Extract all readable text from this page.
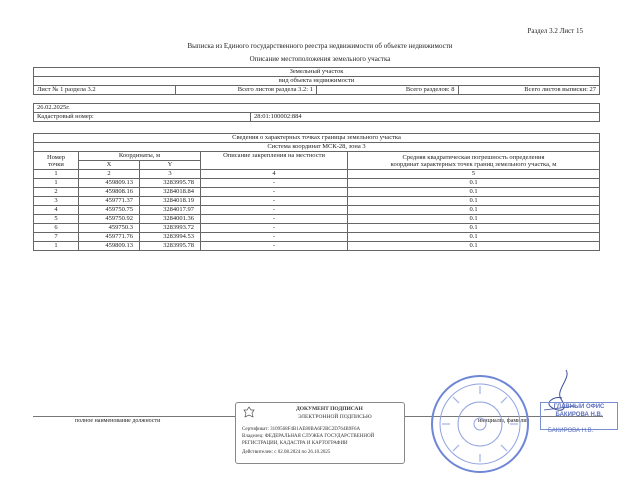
Раздел 3.2 Лист 15
Выписка из Единого государственного реестра недвижимости об объекте недвижимости
Описание местоположения земельного участка
Земельный участок
вид объекта недвижимости
Лист № 1 раздела 3.2	Всего листов раздела 3.2: 1	Всего разделов: 8	Всего листов выписки: 27
26.02.2025г.
Кадастровый номер:	28:01:100002:884
Сведения о характерных точках границы земельного участка				
Система координат МСК-28, зона 3				
Номер
точки	Координаты, м		Описание закрепления на местности	Средняя квадратическая погрешность определения
координат характерных точек границ земельного участка, м
	X	Y		
1	2	3	4	5
1	459809.13	3283995.78	-	0.1
2	459808.16	3284018.84	-	0.1
3	459771.37	3284018.19	-	0.1
4	459750.75	3284017.97	-	0.1
5	459750.92	3284001.36	-	0.1
6	459750.3	3283993.72	-	0.1
7	459771.76	3283994.53	-	0.1
1	459809.13	3283995.78	-	0.1
полное наименование должности	инициалы, фамилия
ГЛАВНЫЙ ОФИС
БАКИРОВА Н.В.
ДОКУМЕНТ ПОДПИСАН
ЭЛЕКТРОННОЙ ПОДПИСЬЮ
Сертификат: 3109568F4B1AE80BA6F2BC2D764B9F6A
Владелец: ФЕДЕРАЛЬНАЯ СЛУЖБА ГОСУДАРСТВЕННОЙ
РЕГИСТРАЦИИ, КАДАСТРА И КАРТОГРАФИИ
Действителен: с 02.08.2024 по 26.10.2025
БАКИРОВА Н.В.
